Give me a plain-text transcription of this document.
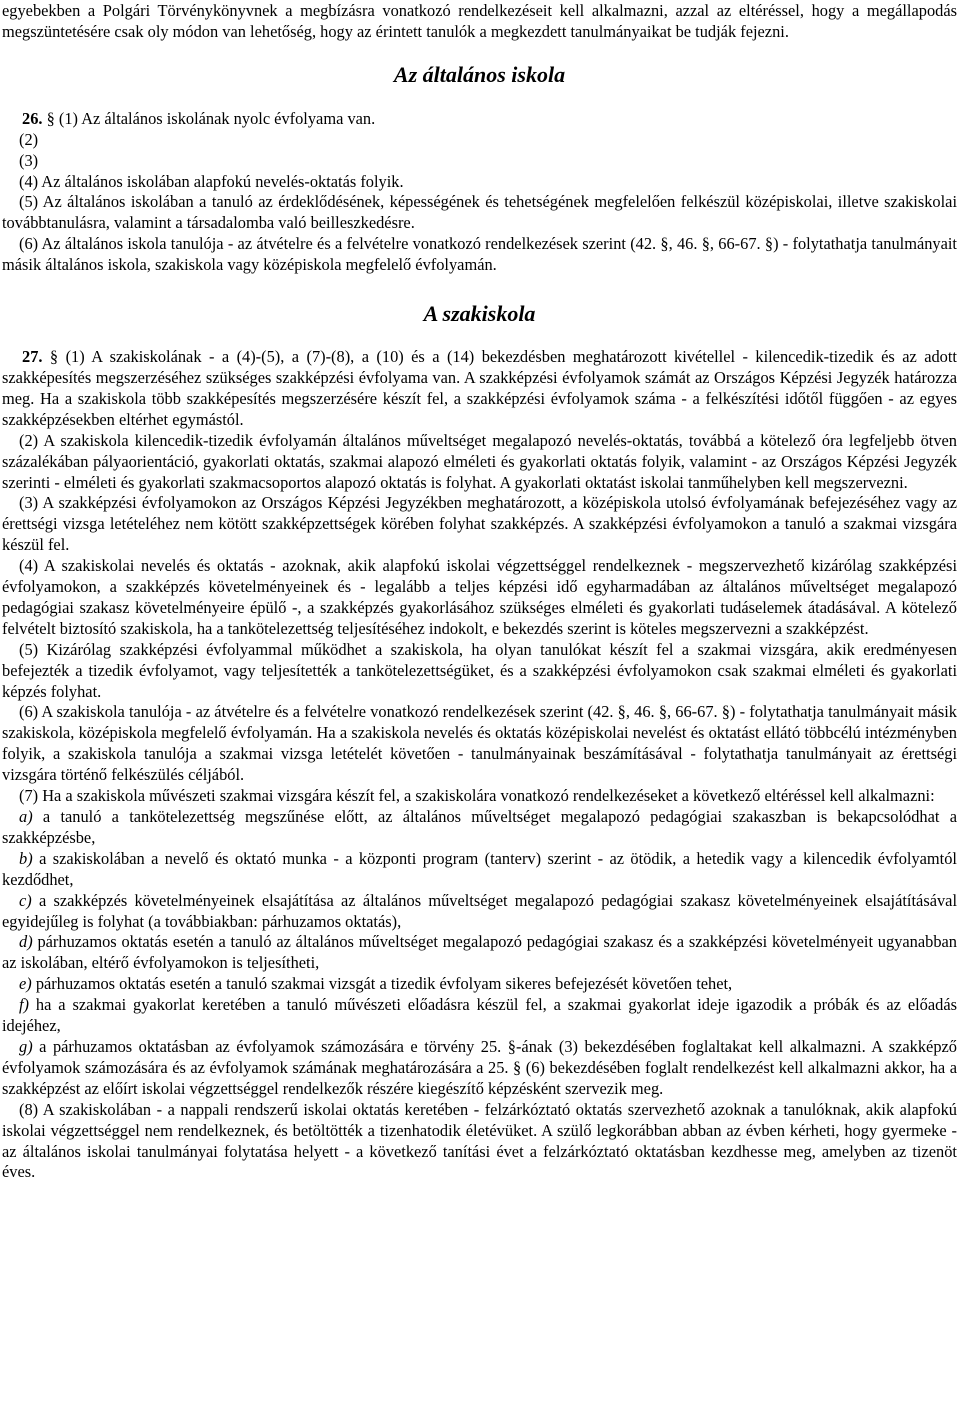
egyebekben a Polgári Törvénykönyvnek a megbízásra vonatkozó rendelkezéseit kell alkalmazni, azzal az eltéréssel, hogy a megállapodás megszüntetésére csak oly módon van lehetőség, hogy az érintett tanulók a megkezdett tanulmányaikat be tudják fejezni.

Az általános iskola

26. § (1) Az általános iskolának nyolc évfolyama van.

(2)

(3)

(4) Az általános iskolában alapfokú nevelés-oktatás folyik.

(5) Az általános iskolában a tanuló az érdeklődésének, képességének és tehetségének megfelelően felkészül középiskolai, illetve szakiskolai továbbtanulásra, valamint a társadalomba való beilleszkedésre.

(6) Az általános iskola tanulója - az átvételre és a felvételre vonatkozó rendelkezések szerint (42. §, 46. §, 66-67. §) - folytathatja tanulmányait másik általános iskola, szakiskola vagy középiskola megfelelő évfolyamán.

A szakiskola

27. § (1) A szakiskolának - a (4)-(5), a (7)-(8), a (10) és a (14) bekezdésben meghatározott kivétellel - kilencedik-tizedik és az adott szakképesítés megszerzéséhez szükséges szakképzési évfolyama van. A szakképzési évfolyamok számát az Országos Képzési Jegyzék határozza meg. Ha a szakiskola több szakképesítés megszerzésére készít fel, a szakképzési évfolyamok száma - a felkészítési időtől függően - az egyes szakképzésekben eltérhet egymástól.

(2) A szakiskola kilencedik-tizedik évfolyamán általános műveltséget megalapozó nevelés-oktatás, továbbá a kötelező óra legfeljebb ötven százalékában pályaorientáció, gyakorlati oktatás, szakmai alapozó elméleti és gyakorlati oktatás folyik, valamint - az Országos Képzési Jegyzék szerinti - elméleti és gyakorlati szakmacsoportos alapozó oktatás is folyhat. A gyakorlati oktatást iskolai tanműhelyben kell megszervezni.

(3) A szakképzési évfolyamokon az Országos Képzési Jegyzékben meghatározott, a középiskola utolsó évfolyamának befejezéséhez vagy az érettségi vizsga letételéhez nem kötött szakképzettségek körében folyhat szakképzés. A szakképzési évfolyamokon a tanuló a szakmai vizsgára készül fel.

(4) A szakiskolai nevelés és oktatás - azoknak, akik alapfokú iskolai végzettséggel rendelkeznek - megszervezhető kizárólag szakképzési évfolyamokon, a szakképzés követelményeinek és - legalább a teljes képzési idő egyharmadában az általános műveltséget megalapozó pedagógiai szakasz követelményeire épülő -, a szakképzés gyakorlásához szükséges elméleti és gyakorlati tudáselemek átadásával. A kötelező felvételt biztosító szakiskola, ha a tankötelezettség teljesítéséhez indokolt, e bekezdés szerint is köteles megszervezni a szakképzést.

(5) Kizárólag szakképzési évfolyammal működhet a szakiskola, ha olyan tanulókat készít fel a szakmai vizsgára, akik eredményesen befejezték a tizedik évfolyamot, vagy teljesítették a tankötelezettségüket, és a szakképzési évfolyamokon csak szakmai elméleti és gyakorlati képzés folyhat.

(6) A szakiskola tanulója - az átvételre és a felvételre vonatkozó rendelkezések szerint (42. §, 46. §, 66-67. §) - folytathatja tanulmányait másik szakiskola, középiskola megfelelő évfolyamán. Ha a szakiskola nevelés és oktatás középiskolai nevelést és oktatást ellátó többcélú intézményben folyik, a szakiskola tanulója a szakmai vizsga letételét követően - tanulmányainak beszámításával - folytathatja tanulmányait az érettségi vizsgára történő felkészülés céljából.

(7) Ha a szakiskola művészeti szakmai vizsgára készít fel, a szakiskolára vonatkozó rendelkezéseket a következő eltéréssel kell alkalmazni:

a) a tanuló a tankötelezettség megszűnése előtt, az általános műveltséget megalapozó pedagógiai szakaszban is bekapcsolódhat a szakképzésbe,

b) a szakiskolában a nevelő és oktató munka - a központi program (tanterv) szerint - az ötödik, a hetedik vagy a kilencedik évfolyamtól kezdődhet,

c) a szakképzés követelményeinek elsajátítása az általános műveltséget megalapozó pedagógiai szakasz követelményeinek elsajátításával egyidejűleg is folyhat (a továbbiakban: párhuzamos oktatás),

d) párhuzamos oktatás esetén a tanuló az általános műveltséget megalapozó pedagógiai szakasz és a szakképzési követelményeit ugyanabban az iskolában, eltérő évfolyamokon is teljesítheti,

e) párhuzamos oktatás esetén a tanuló szakmai vizsgát a tizedik évfolyam sikeres befejezését követően tehet,

f) ha a szakmai gyakorlat keretében a tanuló művészeti előadásra készül fel, a szakmai gyakorlat ideje igazodik a próbák és az előadás idejéhez,

g) a párhuzamos oktatásban az évfolyamok számozására e törvény 25. §-ának (3) bekezdésében foglaltakat kell alkalmazni. A szakképző évfolyamok számozására és az évfolyamok számának meghatározására a 25. § (6) bekezdésében foglalt rendelkezést kell alkalmazni akkor, ha a szakképzést az előírt iskolai végzettséggel rendelkezők részére kiegészítő képzésként szervezik meg.

(8) A szakiskolában - a nappali rendszerű iskolai oktatás keretében - felzárkóztató oktatás szervezhető azoknak a tanulóknak, akik alapfokú iskolai végzettséggel nem rendelkeznek, és betöltötték a tizenhatodik életévüket. A szülő legkorábban abban az évben kérheti, hogy gyermeke - az általános iskolai tanulmányai folytatása helyett - a következő tanítási évet a felzárkóztató oktatásban kezdhesse meg, amelyben az tizenöt éves.
